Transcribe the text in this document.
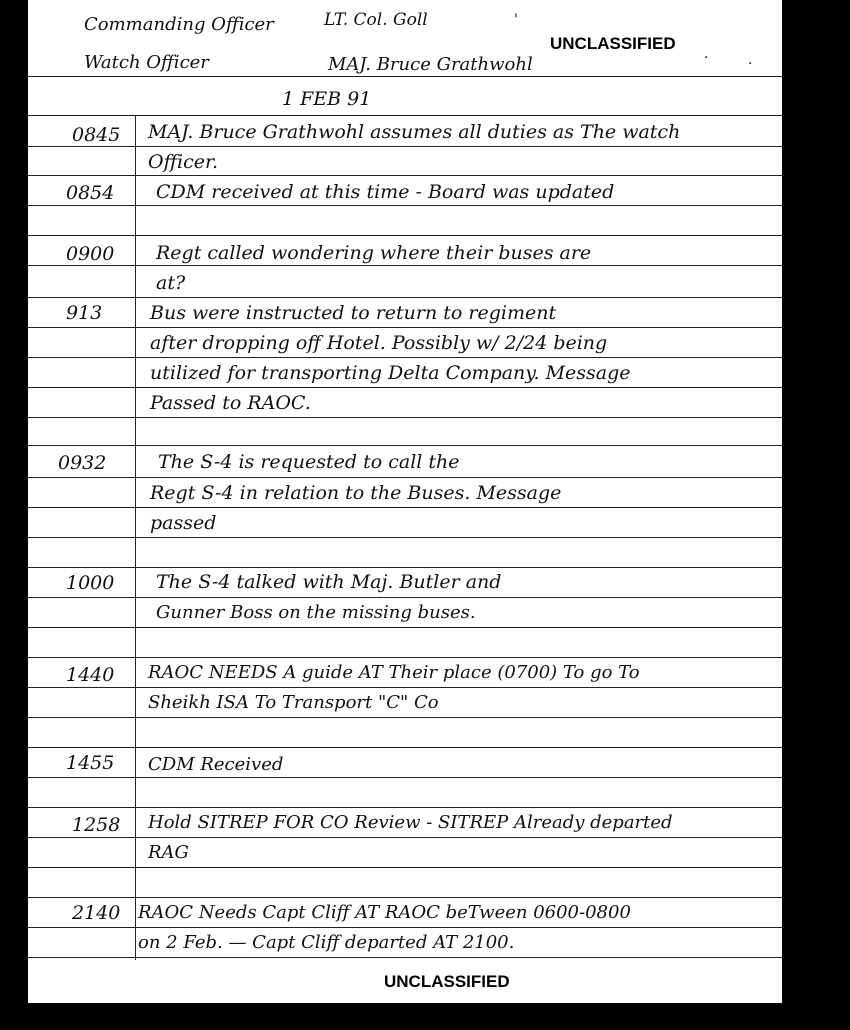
UNCLASSIFIED
Commanding Officer	LT. Col. Goll	'
Watch Officer	MAJ. Bruce Grathwohl	·	·
1 FEB 91
0845 MAJ. Bruce Grathwohl assumes all duties as The watch
Officer.
0854 CDM received at this time - Board was updated
0900 Regt called wondering where their buses are
at?
913	Bus were instructed to return to regiment
after dropping off Hotel. Possibly w/ 2/24 being
utilized for transporting Delta Company. Message
Passed to RAOC.
0932	The S-4 is requested to call the
Regt S-4 in relation to the Buses. Message
passed
1000 The S-4 talked with Maj. Butler and
Gunner Boss on the missing buses.
1440 RAOC NEEDS A guide AT Their place (0700) To go To
Sheikh ISA To Transport "C" Co
1455 CDM Received
1258 Hold SITREP FOR CO Review - SITREP Already departed
RAG
2140 RAOC Needs Capt Cliff AT RAOC beTween 0600-0800
on 2 Feb. — Capt Cliff departed AT 2100.
UNCLASSIFIED
